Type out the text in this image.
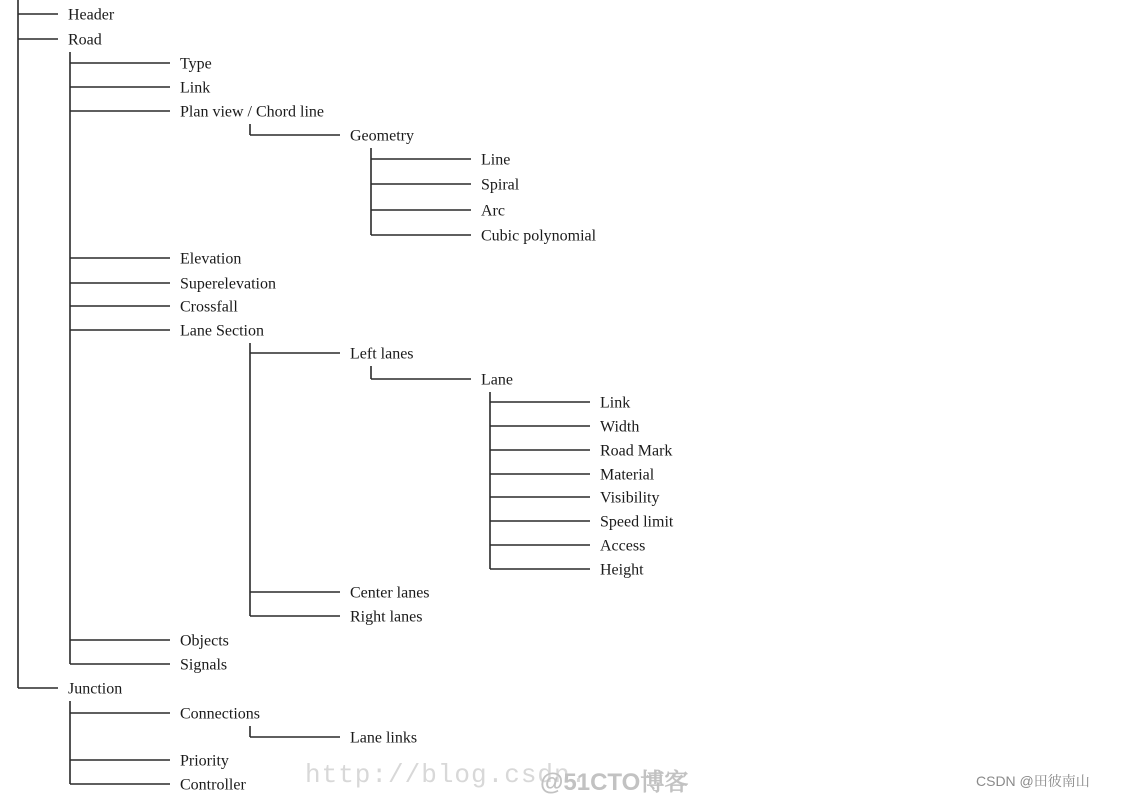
Header
Road
Type
Link
Plan view / Chord line
Geometry
Line
Spiral
Arc
Cubic polynomial
Elevation
Superelevation
Crossfall
Lane Section
Left lanes
Lane
Link
Width
Road Mark
Material
Visibility
Speed limit
Access
Height
Center lanes
Right lanes
Objects
Signals
Junction
Connections
Lane links
Priority
Controller http://blog.csdn.
@51CTO博客	CSDN @田彼南山
